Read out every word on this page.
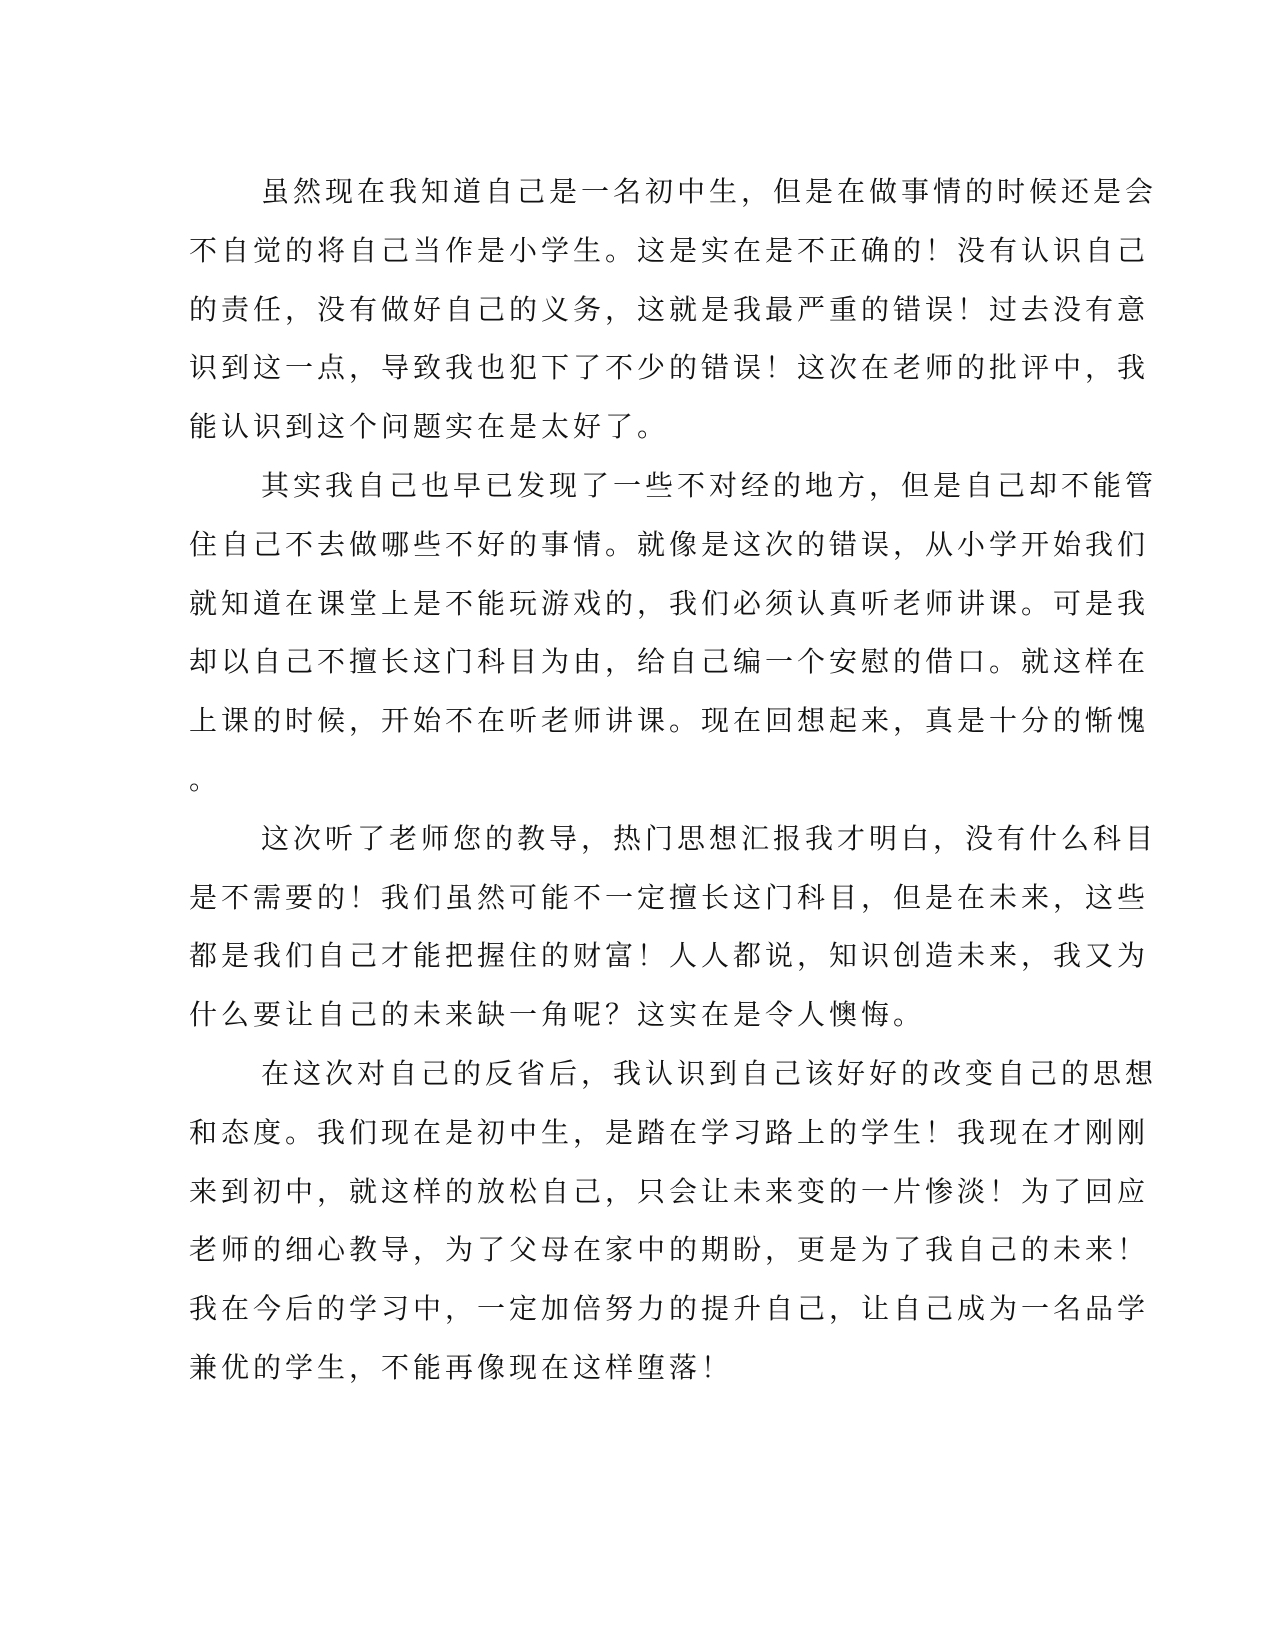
虽然现在我知道自己是一名初中生，但是在做事情的时候还是会
不自觉的将自己当作是小学生。这是实在是不正确的！没有认识自己
的责任，没有做好自己的义务，这就是我最严重的错误！过去没有意
识到这一点，导致我也犯下了不少的错误！这次在老师的批评中，我
能认识到这个问题实在是太好了。
其实我自己也早已发现了一些不对经的地方，但是自己却不能管
住自己不去做哪些不好的事情。就像是这次的错误，从小学开始我们
就知道在课堂上是不能玩游戏的，我们必须认真听老师讲课。可是我
却以自己不擅长这门科目为由，给自己编一个安慰的借口。就这样在
上课的时候，开始不在听老师讲课。现在回想起来，真是十分的惭愧
。
这次听了老师您的教导，热门思想汇报我才明白，没有什么科目
是不需要的！我们虽然可能不一定擅长这门科目，但是在未来，这些
都是我们自己才能把握住的财富！人人都说，知识创造未来，我又为
什么要让自己的未来缺一角呢？这实在是令人懊悔。
在这次对自己的反省后，我认识到自己该好好的改变自己的思想
和态度。我们现在是初中生，是踏在学习路上的学生！我现在才刚刚
来到初中，就这样的放松自己，只会让未来变的一片惨淡！为了回应
老师的细心教导，为了父母在家中的期盼，更是为了我自己的未来！
我在今后的学习中，一定加倍努力的提升自己，让自己成为一名品学
兼优的学生，不能再像现在这样堕落！
